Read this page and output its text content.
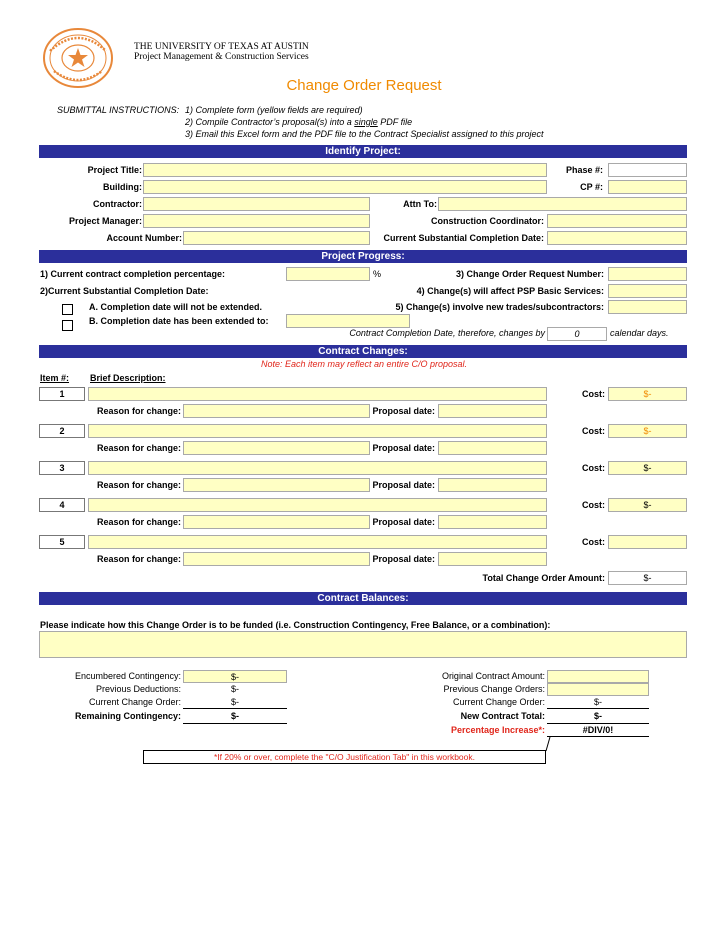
THE UNIVERSITY OF TEXAS AT AUSTIN
Project Management & Construction Services
Change Order Request
SUBMITTAL INSTRUCTIONS: 1) Complete form (yellow fields are required)
2) Compile Contractor’s proposal(s) into a single PDF file
3) Email this Excel form and the PDF file to the Contract Specialist assigned to this project
Identify Project:
Project Title:	Phase #:
Building:	CP #:
Contractor:	Attn To:
Project Manager:	Construction Coordinator:
Account Number:	Current Substantial Completion Date:
Project Progress:
1) Current contract completion percentage:	%	3) Change Order Request Number:
2)Current Substantial Completion Date:	4) Change(s) will affect PSP Basic Services:
A. Completion date will not be extended.	5) Change(s) involve new trades/subcontractors:
B. Completion date has been extended to:
Contract Completion Date, therefore, changes by	0	calendar days.
Contract Changes:
Note: Each item may reflect an entire C/O proposal.
Item #: Brief Description:
1	Cost:	$-
Reason for change:	Proposal date:
2	Cost:	$-
Reason for change:	Proposal date:
3	Cost:	$-
Reason for change:	Proposal date:
4	Cost:	$-
Reason for change:	Proposal date:
5	Cost:
Reason for change:	Proposal date:
Total Change Order Amount:	$-
Contract Balances:
Please indicate how this Change Order is to be funded (i.e. Construction Contingency, Free Balance, or a combination):
Encumbered Contingency:	$-
Previous Deductions:	$-
Current Change Order:	$-
Remaining Contingency:	$-
Original Contract Amount:
Previous Change Orders:
Current Change Order:	$-
New Contract Total:	$-
Percentage Increase*:	#DIV/0!
*If 20% or over, complete the "C/O Justification Tab" in this workbook.
